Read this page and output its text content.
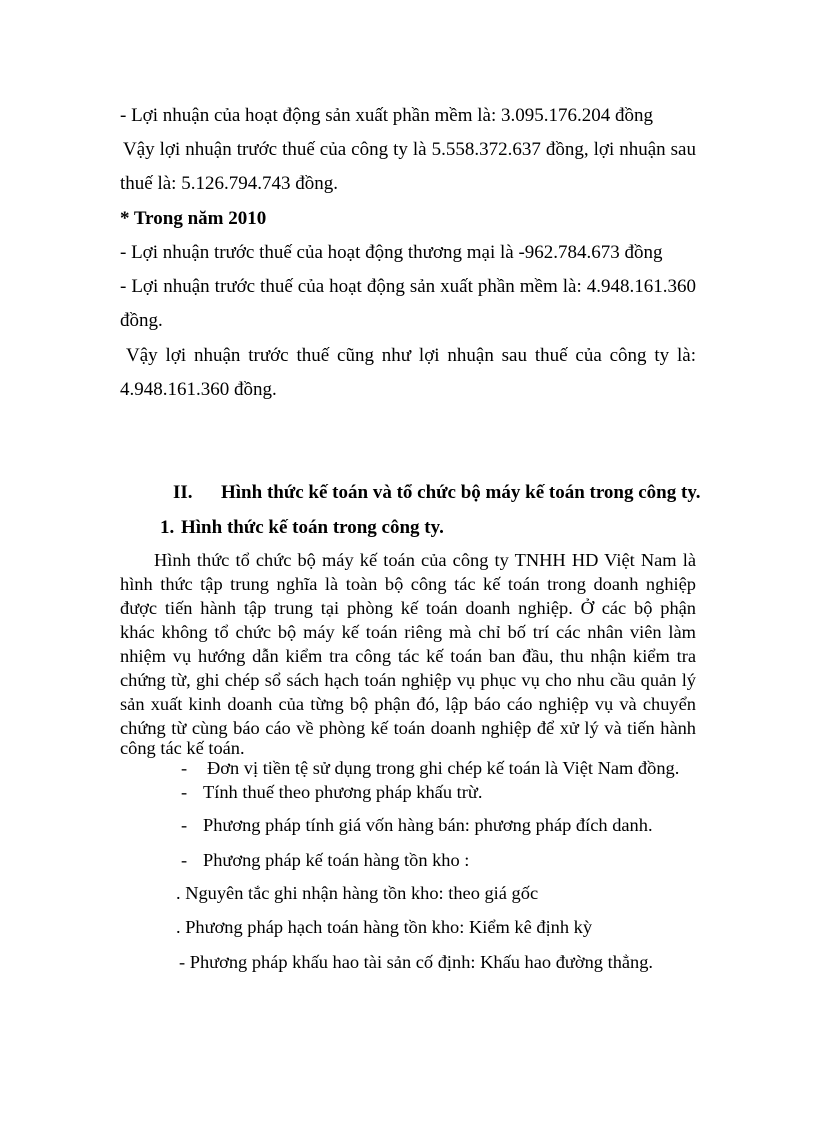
- Lợi nhuận của hoạt động sản xuất phần mềm là: 3.095.176.204 đồng
Vậy lợi nhuận trước thuế của công ty là 5.558.372.637 đồng, lợi nhuận sau
thuế là: 5.126.794.743 đồng.
* Trong năm 2010
- Lợi nhuận trước thuế của hoạt động thương mại là -962.784.673 đồng
- Lợi nhuận trước thuế của hoạt động sản xuất phần mềm là: 4.948.161.360
đồng.
Vậy lợi nhuận trước thuế cũng như lợi nhuận sau thuế của công ty là:
4.948.161.360 đồng.
II. Hình thức kế toán và tổ chức bộ máy kế toán trong công ty.
1. Hình thức kế toán trong công ty.
Hình thức tổ chức bộ máy kế toán của công ty TNHH HD Việt Nam là
hình thức tập trung nghĩa là toàn bộ công tác kế toán trong doanh nghiệp
được tiến hành tập trung tại phòng kế toán doanh nghiệp. Ở các bộ phận
khác không tổ chức bộ máy kế toán riêng mà chỉ bố trí các nhân viên làm
nhiệm vụ hướng dẫn kiểm tra công tác kế toán ban đầu, thu nhận kiểm tra
chứng từ, ghi chép sổ sách hạch toán nghiệp vụ phục vụ cho nhu cầu quản lý
sản xuất kinh doanh của từng bộ phận đó, lập báo cáo nghiệp vụ và chuyển
chứng từ cùng báo cáo về phòng kế toán doanh nghiệp để xử lý và tiến hành
công tác kế toán.
- Đơn vị tiền tệ sử dụng trong ghi chép kế toán là Việt Nam đồng.
- Tính thuế theo phương pháp khấu trừ.
- Phương pháp tính giá vốn hàng bán: phương pháp đích danh.
- Phương pháp kế toán hàng tồn kho :
. Nguyên tắc ghi nhận hàng tồn kho: theo giá gốc
. Phương pháp hạch toán hàng tồn kho: Kiểm kê định kỳ
- Phương pháp khấu hao tài sản cố định: Khấu hao đường thẳng.
